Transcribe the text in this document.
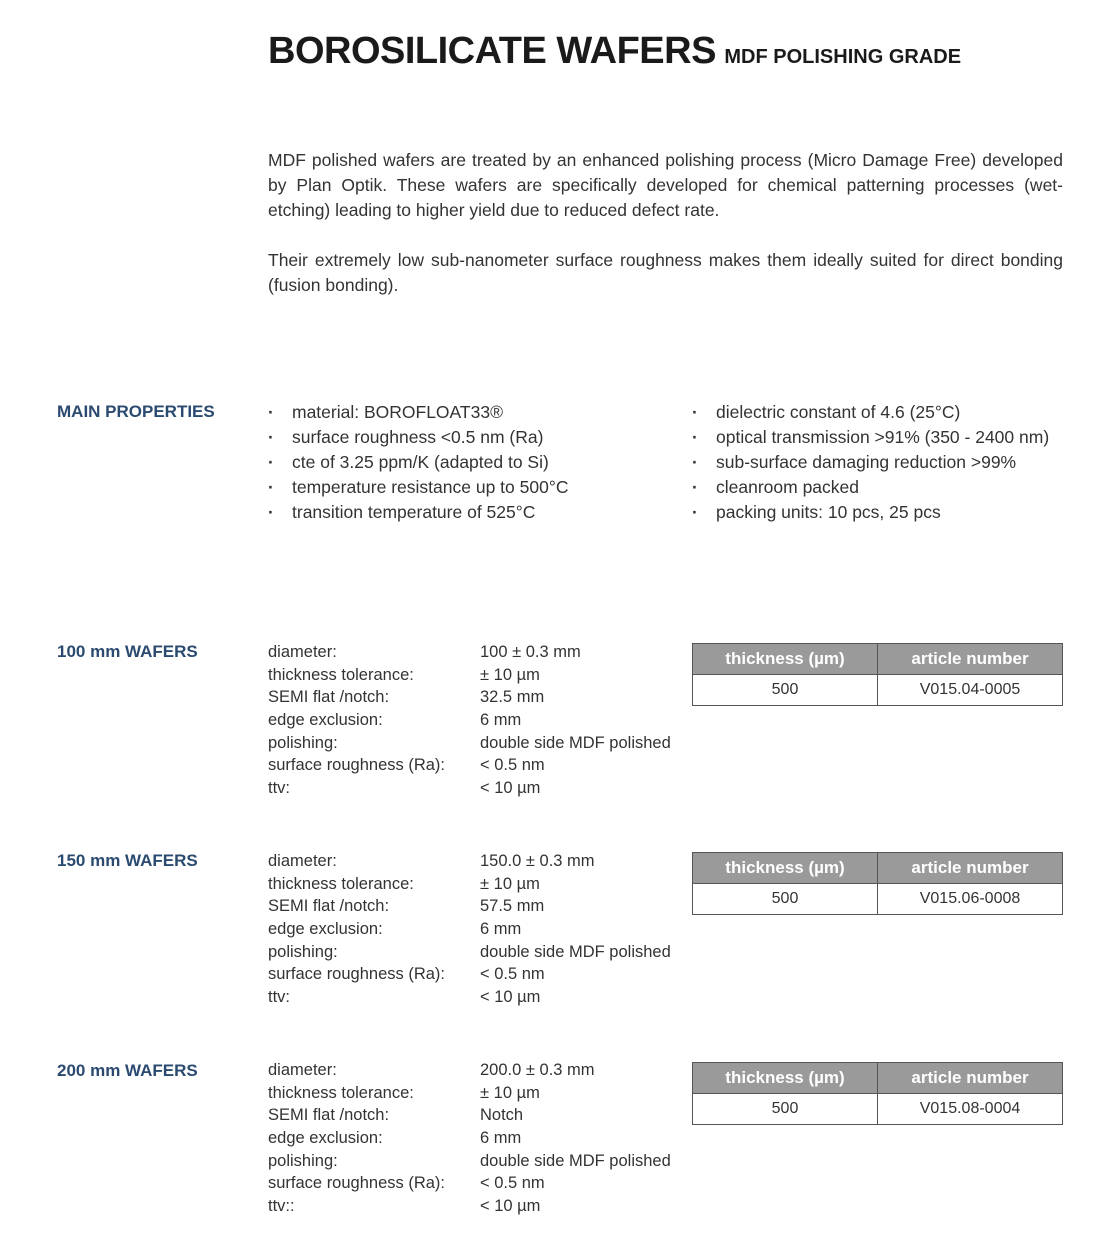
BOROSILICATE WAFERS MDF POLISHING GRADE

MDF polished wafers are treated by an enhanced polishing process (Micro Damage Free) developed by Plan Optik. These wafers are specifically developed for chemical patterning processes (wet-etching) leading to higher yield due to reduced defect rate.

Their extremely low sub-nanometer surface roughness makes them ideally suited for direct bonding (fusion bonding).

MAIN PROPERTIES	· material: BOROFLOAT33®
· surface roughness <0.5 nm (Ra)
· cte of 3.25 ppm/K (adapted to Si)
· temperature resistance up to 500°C
· transition temperature of 525°C
· dielectric constant of 4.6 (25°C)
· optical transmission >91% (350 - 2400 nm)
· sub-surface damaging reduction >99%
· cleanroom packed
· packing units: 10 pcs, 25 pcs
100 mm WAFERS	diameter:	100 ± 0.3 mm
thickness tolerance:	± 10 µm
SEMI flat /notch:	32.5 mm
edge exclusion:	6 mm
polishing:	double side MDF polished
surface roughness (Ra): < 0.5 nm
ttv:	< 10 µm
thickness (µm)	article number
500	V015.04-0005
150 mm WAFERS	diameter:	150.0 ± 0.3 mm
thickness tolerance:	± 10 µm
SEMI flat /notch:	57.5 mm
edge exclusion:	6 mm
polishing:	double side MDF polished
surface roughness (Ra): < 0.5 nm
ttv:	< 10 µm
thickness (µm)	article number
500	V015.06-0008
200 mm WAFERS	diameter:	200.0 ± 0.3 mm
thickness tolerance:	± 10 µm
SEMI flat /notch:	Notch
edge exclusion:	6 mm
polishing:	double side MDF polished
surface roughness (Ra): < 0.5 nm
ttv::	< 10 µm
thickness (µm)	article number
500	V015.08-0004
